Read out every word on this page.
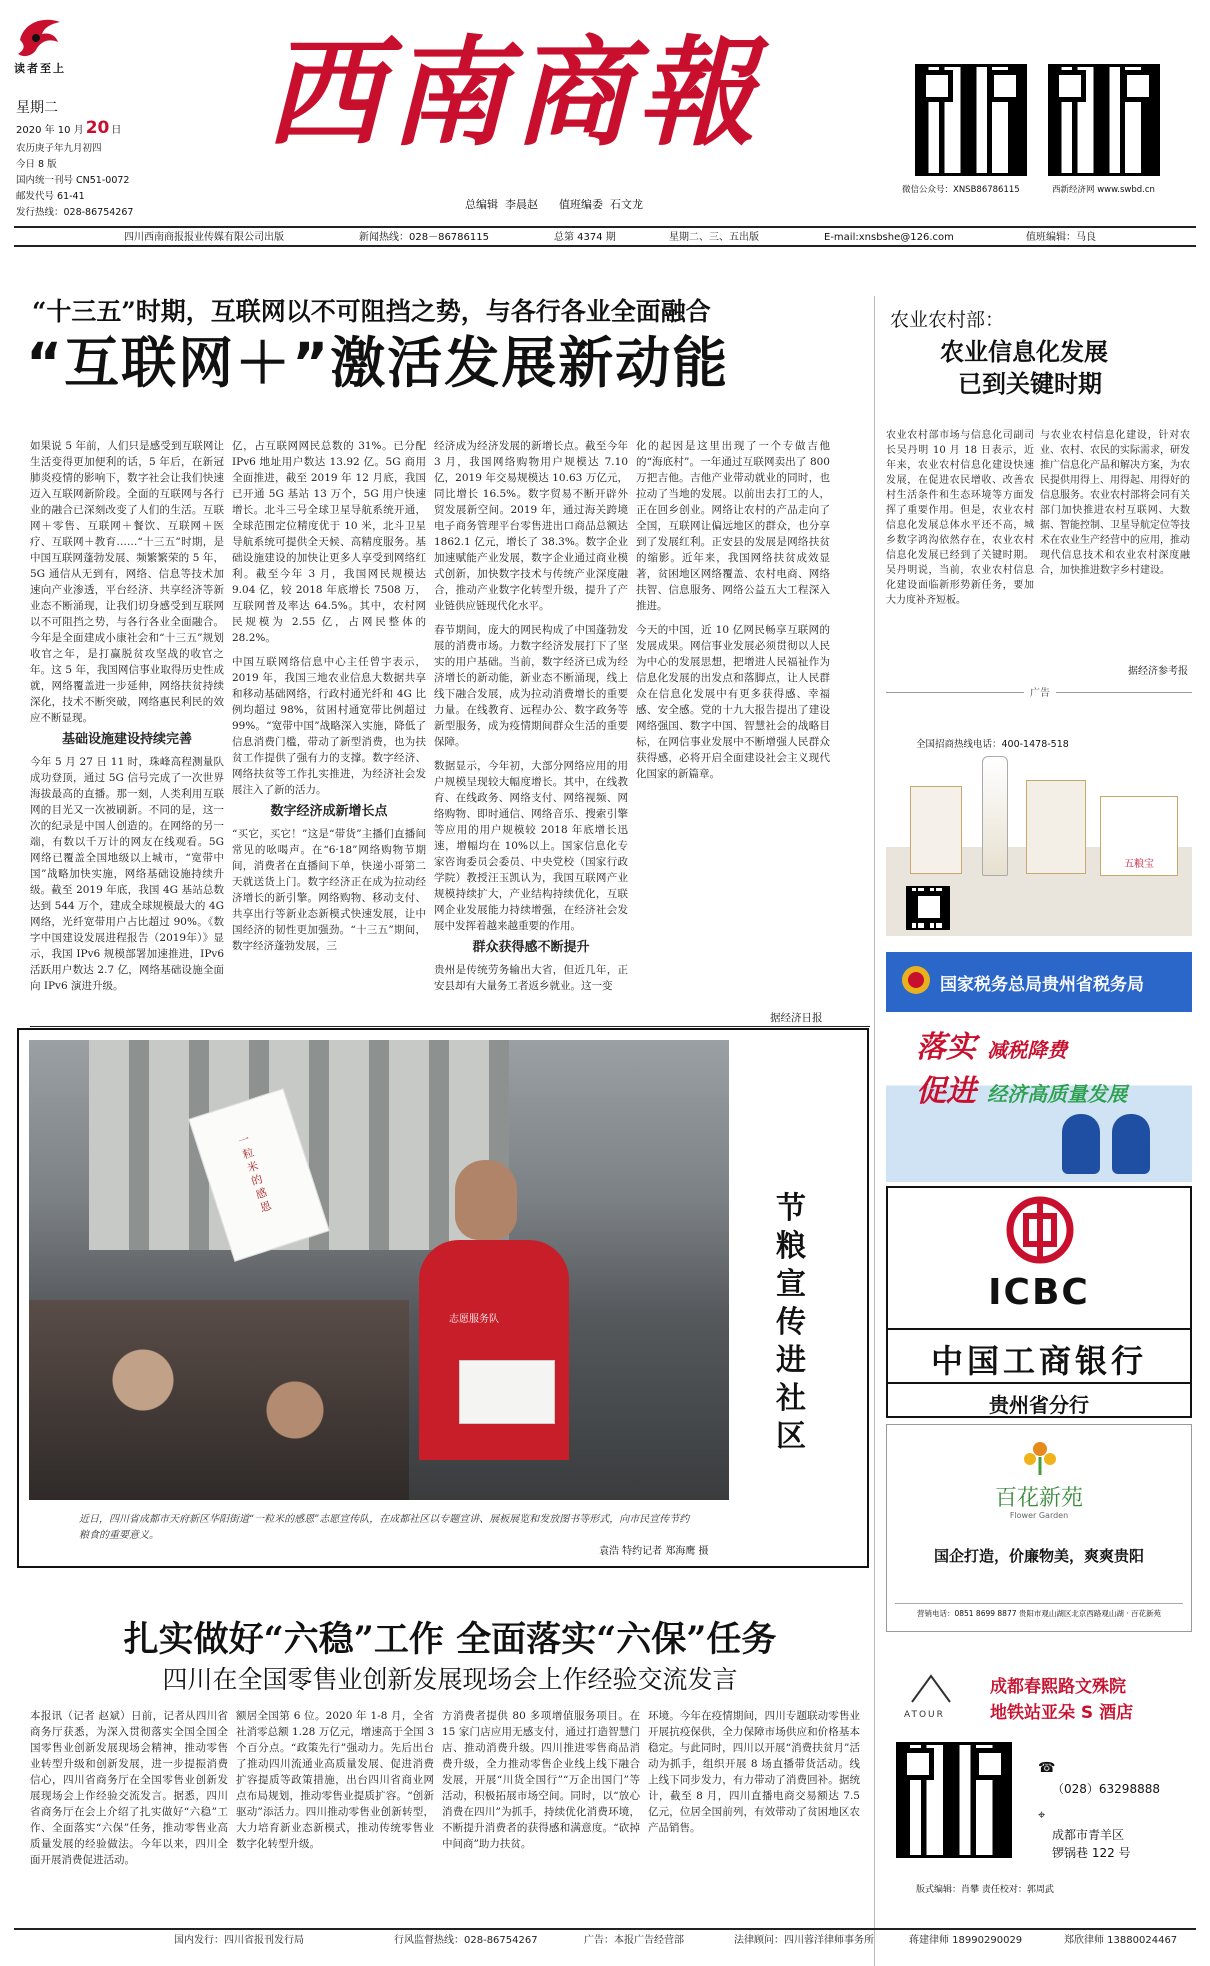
读者至上
星期二
2020 年 10 月 20 日
农历庚子年九月初四
今日 8 版
国内统一刊号 CN51-0072
邮发代号 61-41
发行热线：028-86754267
西南商報
总编辑  李晨赵      值班编委  石文龙
微信公众号：XNSB86786115	西新经济网 www.swbd.cn
四川西南商报报业传媒有限公司出版	新闻热线：028－86786115	总第 4374 期	星期二、三、五出版	E-mail:xnsbshe@126.com	值班编辑：马良
“十三五”时期，互联网以不可阻挡之势，与各行各业全面融合
“互联网＋”激活发展新动能

如果说 5 年前，人们只是感受到互联网让生活变得更加便利的话，5 年后，在新冠肺炎疫情的影响下，数字社会让我们快速迈入互联网新阶段。全面的互联网与各行业的融合已深刻改变了人们的生活。互联网＋零售、互联网＋餐饮、互联网＋医疗、互联网＋教育……“十三五”时期，是中国互联网蓬勃发展、频繁繁荣的 5 年，5G 通信从无到有，网络、信息等技术加速向产业渗透，平台经济、共享经济等新业态不断涌现，让我们切身感受到互联网以不可阻挡之势，与各行各业全面融合。今年是全面建成小康社会和“十三五”规划收官之年，是打赢脱贫攻坚战的收官之年。这 5 年，我国网信事业取得历史性成就，网络覆盖进一步延伸，网络扶贫持续深化，技术不断突破，网络惠民利民的效应不断显现。

基础设施建设持续完善

今年 5 月 27 日 11 时，珠峰高程测量队成功登顶，通过 5G 信号完成了一次世界海拔最高的直播。那一刻，人类利用互联网的目光又一次被刷新。不同的是，这一次的纪录是中国人创造的。在网络的另一端，有数以千万计的网友在线观看。5G 网络已覆盖全国地级以上城市，“宽带中国”战略加快实施，网络基础设施持续升级。截至 2019 年底，我国 4G 基站总数达到 544 万个，建成全球规模最大的 4G 网络，光纤宽带用户占比超过 90%。《数字中国建设发展进程报告（2019年）》显示，我国 IPv6 规模部署加速推进，IPv6 活跃用户数达 2.7 亿，网络基础设施全面向 IPv6 演进升级。

亿，占互联网网民总数的 31%。已分配 IPv6 地址用户数达 13.92 亿。5G 商用全面推进，截至 2019 年 12 月底，我国已开通 5G 基站 13 万个，5G 用户快速增长。北斗三号全球卫星导航系统开通，全球范围定位精度优于 10 米，北斗卫星导航系统可提供全天候、高精度服务。基础设施建设的加快让更多人享受到网络红利。截至今年 3 月，我国网民规模达 9.04 亿，较 2018 年底增长 7508 万，互联网普及率达 64.5%。其中，农村网民规模为 2.55 亿，占网民整体的 28.2%。

中国互联网络信息中心主任曾宇表示，2019 年，我国三地农业信息大数据共享和移动基础网络，行政村通光纤和 4G 比例均超过 98%，贫困村通宽带比例超过 99%。“宽带中国”战略深入实施，降低了信息消费门槛，带动了新型消费，也为扶贫工作提供了强有力的支撑。数字经济、网络扶贫等工作扎实推进，为经济社会发展注入了新的活力。

数字经济成新增长点

“买它，买它！”这是“带货”主播们直播间常见的吆喝声。在“6·18”网络购物节期间，消费者在直播间下单，快递小哥第二天就送货上门。数字经济正在成为拉动经济增长的新引擎。网络购物、移动支付、共享出行等新业态新模式快速发展，让中国经济的韧性更加强劲。“十三五”期间，数字经济蓬勃发展，三

经济成为经济发展的新增长点。截至今年 3 月，我国网络购物用户规模达 7.10 亿，2019 年交易规模达 10.63 万亿元，同比增长 16.5%。数字贸易不断开辟外贸发展新空间。2019 年，通过海关跨境电子商务管理平台零售进出口商品总额达 1862.1 亿元，增长了 38.3%。数字企业加速赋能产业发展，数字企业通过商业模式创新，加快数字技术与传统产业深度融合，推动产业数字化转型升级，提升了产业链供应链现代化水平。

春节期间，庞大的网民构成了中国蓬勃发展的消费市场。力数字经济发展打下了坚实的用户基础。当前，数字经济已成为经济增长的新动能，新业态不断涌现，线上线下融合发展，成为拉动消费增长的重要力量。在线教育、远程办公、数字政务等新型服务，成为疫情期间群众生活的重要保障。

数据显示，今年初，大部分网络应用的用户规模呈现较大幅度增长。其中，在线教育、在线政务、网络支付、网络视频、网络购物、即时通信、网络音乐、搜索引擎等应用的用户规模较 2018 年底增长迅速，增幅均在 10%以上。国家信息化专家咨询委员会委员、中央党校（国家行政学院）教授汪玉凯认为，我国互联网产业规模持续扩大，产业结构持续优化，互联网企业发展能力持续增强，在经济社会发展中发挥着越来越重要的作用。

群众获得感不断提升

贵州是传统劳务输出大省，但近几年，正安县却有大量务工者返乡就业。这一变

化的起因是这里出现了一个专做吉他的“海底村”。一年通过互联网卖出了 800 万把吉他。吉他产业带动就业的同时，也拉动了当地的发展。以前出去打工的人，正在回乡创业。网络让农村的产品走向了全国，互联网让偏远地区的群众，也分享到了发展红利。正安县的发展是网络扶贫的缩影。近年来，我国网络扶贫成效显著，贫困地区网络覆盖、农村电商、网络扶智、信息服务、网络公益五大工程深入推进。

今天的中国，近 10 亿网民畅享互联网的发展成果。网信事业发展必须贯彻以人民为中心的发展思想，把增进人民福祉作为信息化发展的出发点和落脚点，让人民群众在信息化发展中有更多获得感、幸福感、安全感。党的十九大报告提出了建设网络强国、数字中国、智慧社会的战略目标，在网信事业发展中不断增强人民群众获得感，必将开启全面建设社会主义现代化国家的新篇章。

据经济日报
农业农村部：
农业信息化发展
已到关键时期

农业农村部市场与信息化司副司长吴丹明 10 月 18 日表示，近年来，农业农村信息化建设快速发展，在促进农民增收、改善农村生活条件和生态环境等方面发挥了重要作用。但是，农业农村信息化发展总体水平还不高，城乡数字鸿沟依然存在，农业农村信息化发展已经到了关键时期。吴丹明说，当前，农业农村信息化建设面临新形势新任务，要加大力度补齐短板。

与农业农村信息化建设，针对农业、农村、农民的实际需求，研发推广信息化产品和解决方案，为农民提供用得上、用得起、用得好的信息服务。农业农村部将会同有关部门加快推进农村互联网、大数据、智能控制、卫星导航定位等技术在农业生产经营中的应用，推动现代信息技术和农业农村深度融合，加快推进数字乡村建设。

据经济参考报
广告
全国招商热线电话：400-1478-518
五粮宝
国家税务总局贵州省税务局
落实 减税降费
促进 经济高质量发展
ICBC
中国工商银行
贵州省分行
百花新苑
Flower Garden
国企打造，价廉物美，爽爽贵阳
营销电话：0851 8699 8877 贵阳市观山湖区北京西路观山湖 · 百花新苑
ATOUR
成都春熙路文殊院
地铁站亚朵 S 酒店
☎
（028）63298888
⌖
成都市青羊区
锣锅巷 122 号
版式编辑：肖攀 责任校对：郭周武
志愿服务队
一粒米的感恩	节粮宣传进社区
近日，四川省成都市天府新区华阳街道“一粒米的感恩”志愿宣传队，在成都社区以专题宣讲、展板展览和发放图书等形式，向市民宣传节约粮食的重要意义。
袁浩 特约记者 郑海鹰 摄
扎实做好“六稳”工作 全面落实“六保”任务
四川在全国零售业创新发展现场会上作经验交流发言

本报讯（记者 赵斌）日前，记者从四川省商务厅获悉，为深入贯彻落实全国全国全国零售业创新发展现场会精神，推动零售业转型升级和创新发展，进一步提振消费信心，四川省商务厅在全国零售业创新发展现场会上作经验交流发言。据悉，四川省商务厅在会上介绍了扎实做好“六稳”工作、全面落实“六保”任务，推动零售业高质量发展的经验做法。今年以来，四川全面开展消费促进活动。

额居全国第 6 位。2020 年 1-8 月，全省社消零总额 1.28 万亿元，增速高于全国 3 个百分点。“政策先行”强动力。先后出台了推动四川流通业高质量发展、促进消费扩容提质等政策措施，出台四川省商业网点布局规划，推动零售业提质扩容。“创新驱动”添活力。四川推动零售业创新转型，大力培育新业态新模式，推动传统零售业数字化转型升级。

方消费者提供 80 多项增值服务项目。在 15 家门店应用无感支付，通过打造智慧门店、推动消费升级。四川推进零售商品消费升级，全力推动零售企业线上线下融合发展，开展“川货全国行”“万企出国门”等活动，积极拓展市场空间。同时，以“放心消费在四川”为抓手，持续优化消费环境，不断提升消费者的获得感和满意度。“砍掉中间商”助力扶贫。

环境。今年在疫情期间，四川专题联动零售业开展抗疫保供，全力保障市场供应和价格基本稳定。与此同时，四川以开展“消费扶贫月”活动为抓手，组织开展 8 场直播带货活动。线上线下同步发力，有力带动了消费回补。据统计，截至 8 月，四川直播电商交易额达 7.5 亿元，位居全国前列，有效带动了贫困地区农产品销售。

国内发行：四川省报刊发行局	行风监督热线：028-86754267	广告：本报广告经营部	法律顾问：四川蓉洋律师事务所	蒋建律师 18990290029	郑欣律师 13880024467
